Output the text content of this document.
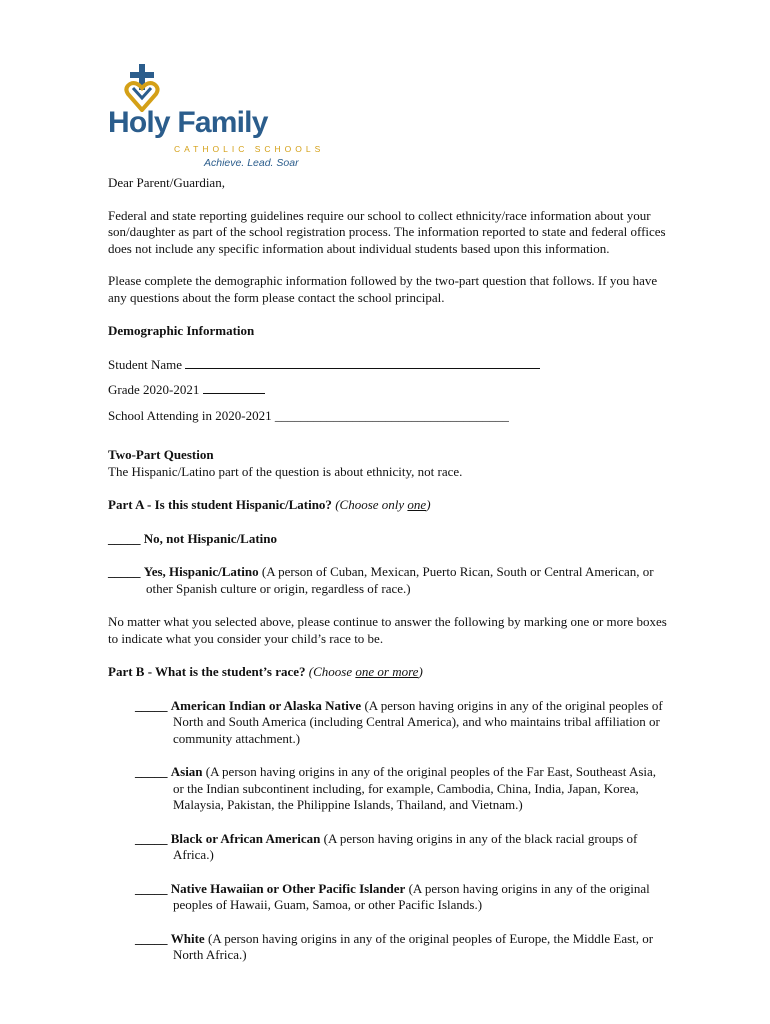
Holy Family
CATHOLIC SCHOOLS
Achieve. Lead. Soar

Dear Parent/Guardian,

Federal and state reporting guidelines require our school to collect ethnicity/race information about your son/daughter as part of the school registration process. The information reported to state and federal offices does not include any specific information about individual students based upon this information.

Please complete the demographic information followed by the two-part question that follows. If you have any questions about the form please contact the school principal.

Demographic Information

Student Name

Grade 2020-2021

School Attending in 2020-2021 ____________________________________

Two-Part Question

The Hispanic/Latino part of the question is about ethnicity, not race.

Part A - Is this student Hispanic/Latino? (Choose only one)

_____ No, not Hispanic/Latino

_____ Yes, Hispanic/Latino (A person of Cuban, Mexican, Puerto Rican, South or Central American, or other Spanish culture or origin, regardless of race.)

No matter what you selected above, please continue to answer the following by marking one or more boxes to indicate what you consider your child’s race to be.

Part B - What is the student’s race? (Choose one or more)

_____ American Indian or Alaska Native (A person having origins in any of the original peoples of North and South America (including Central America), and who maintains tribal affiliation or community attachment.)

_____ Asian (A person having origins in any of the original peoples of the Far East, Southeast Asia, or the Indian subcontinent including, for example, Cambodia, China, India, Japan, Korea, Malaysia, Pakistan, the Philippine Islands, Thailand, and Vietnam.)

_____ Black or African American (A person having origins in any of the black racial groups of Africa.)

_____ Native Hawaiian or Other Pacific Islander (A person having origins in any of the original peoples of Hawaii, Guam, Samoa, or other Pacific Islands.)

_____ White (A person having origins in any of the original peoples of Europe, the Middle East, or North Africa.)
